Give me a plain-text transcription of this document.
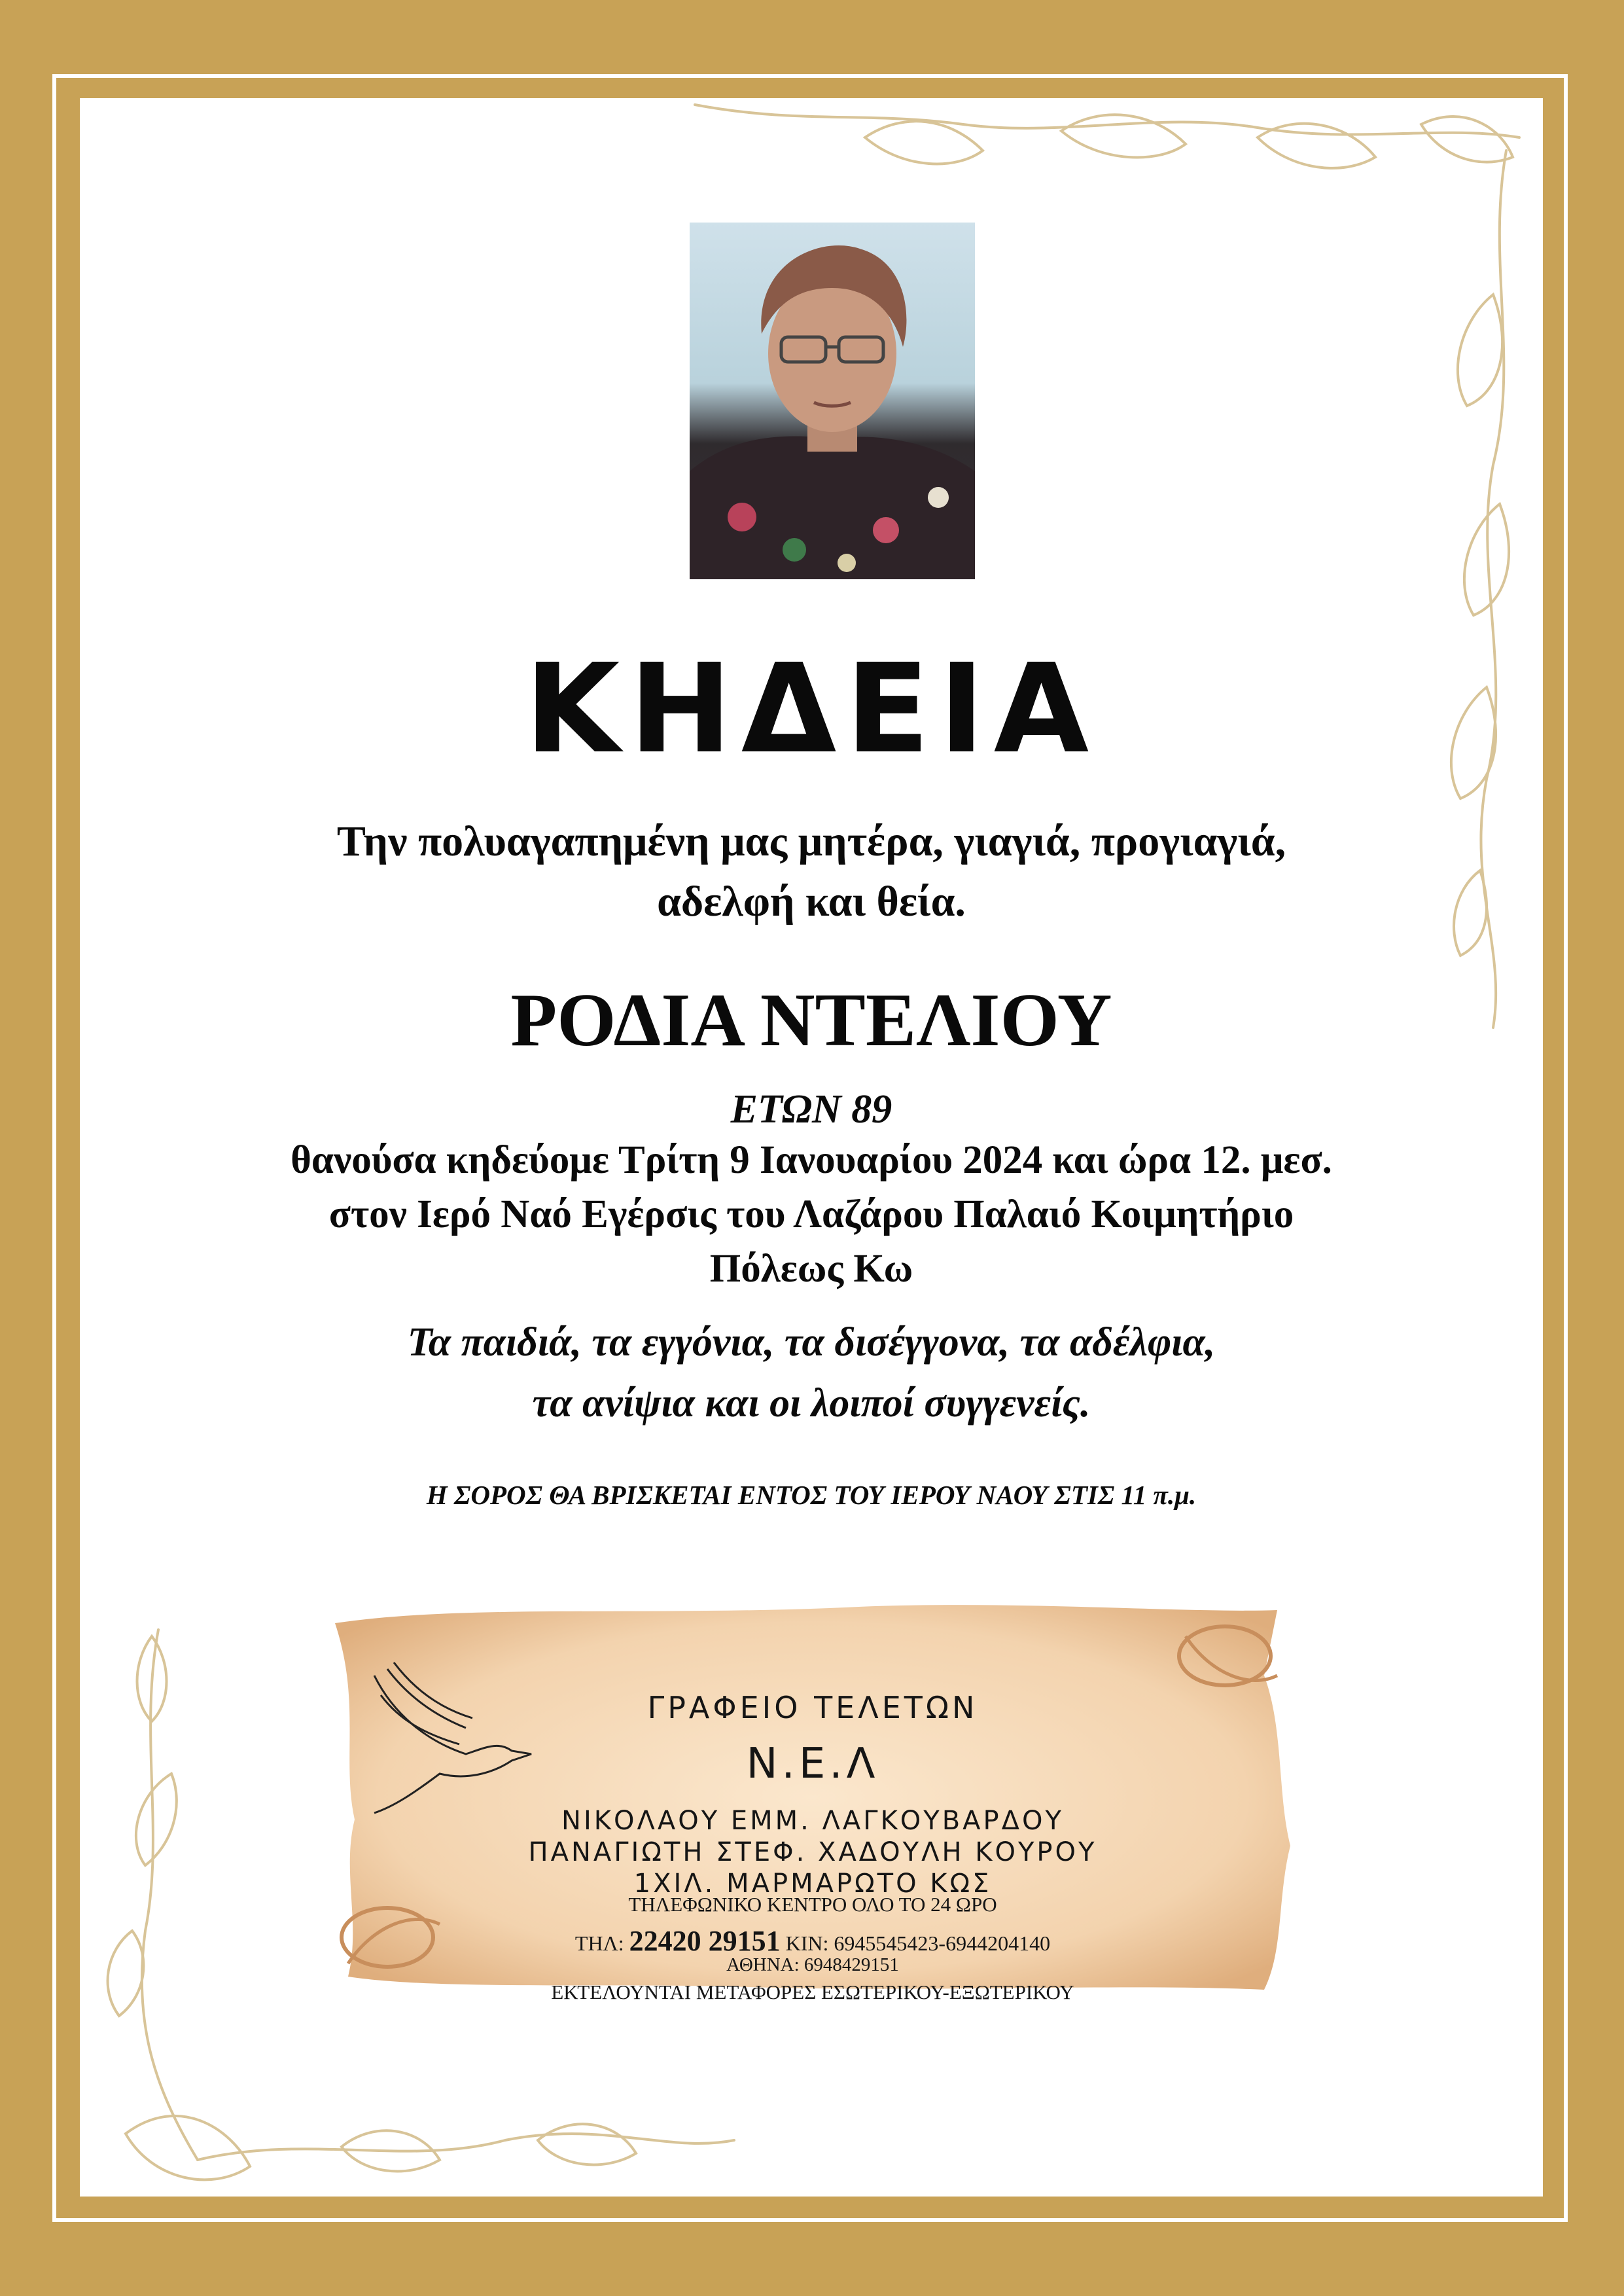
ΚΗΔΕΙΑ
Την πολυαγαπημένη μας μητέρα, γιαγιά, προγιαγιά,
αδελφή και θεία.
ΡΟΔΙΑ ΝΤΕΛΙΟΥ
ΕΤΩΝ 89
θανούσα κηδεύομε Τρίτη 9 Ιανουαρίου 2024 και ώρα 12. μεσ.
στον Ιερό Ναό Εγέρσις του Λαζάρου Παλαιό Κοιμητήριο
Πόλεως Κω
Τα παιδιά, τα εγγόνια, τα δισέγγονα, τα αδέλφια,
τα ανίψια και οι λοιποί συγγενείς.
Η ΣΟΡΟΣ ΘΑ ΒΡΙΣΚΕΤΑΙ ΕΝΤΟΣ ΤΟΥ ΙΕΡΟΥ ΝΑΟΥ ΣΤΙΣ 11 π.μ.
ΓΡΑΦΕΙΟ ΤΕΛΕΤΩΝ
Ν.Ε.Λ
ΝΙΚΟΛΑΟΥ ΕΜΜ. ΛΑΓΚΟΥΒΑΡΔΟΥ
ΠΑΝΑΓΙΩΤΗ ΣΤΕΦ. ΧΑΔΟΥΛΗ ΚΟΥΡΟΥ
1ΧΙΛ. ΜΑΡΜΑΡΩΤΟ ΚΩΣ
ΤΗΛΕΦΩΝΙΚΟ ΚΕΝΤΡΟ ΟΛΟ ΤΟ 24 ΩΡΟ
ΤΗΛ: 22420 29151 ΚΙΝ: 6945545423-6944204140
ΑΘΗΝΑ: 6948429151
ΕΚΤΕΛΟΥΝΤΑΙ ΜΕΤΑΦΟΡΕΣ ΕΣΩΤΕΡΙΚΟΥ-ΕΞΩΤΕΡΙΚΟΥ
